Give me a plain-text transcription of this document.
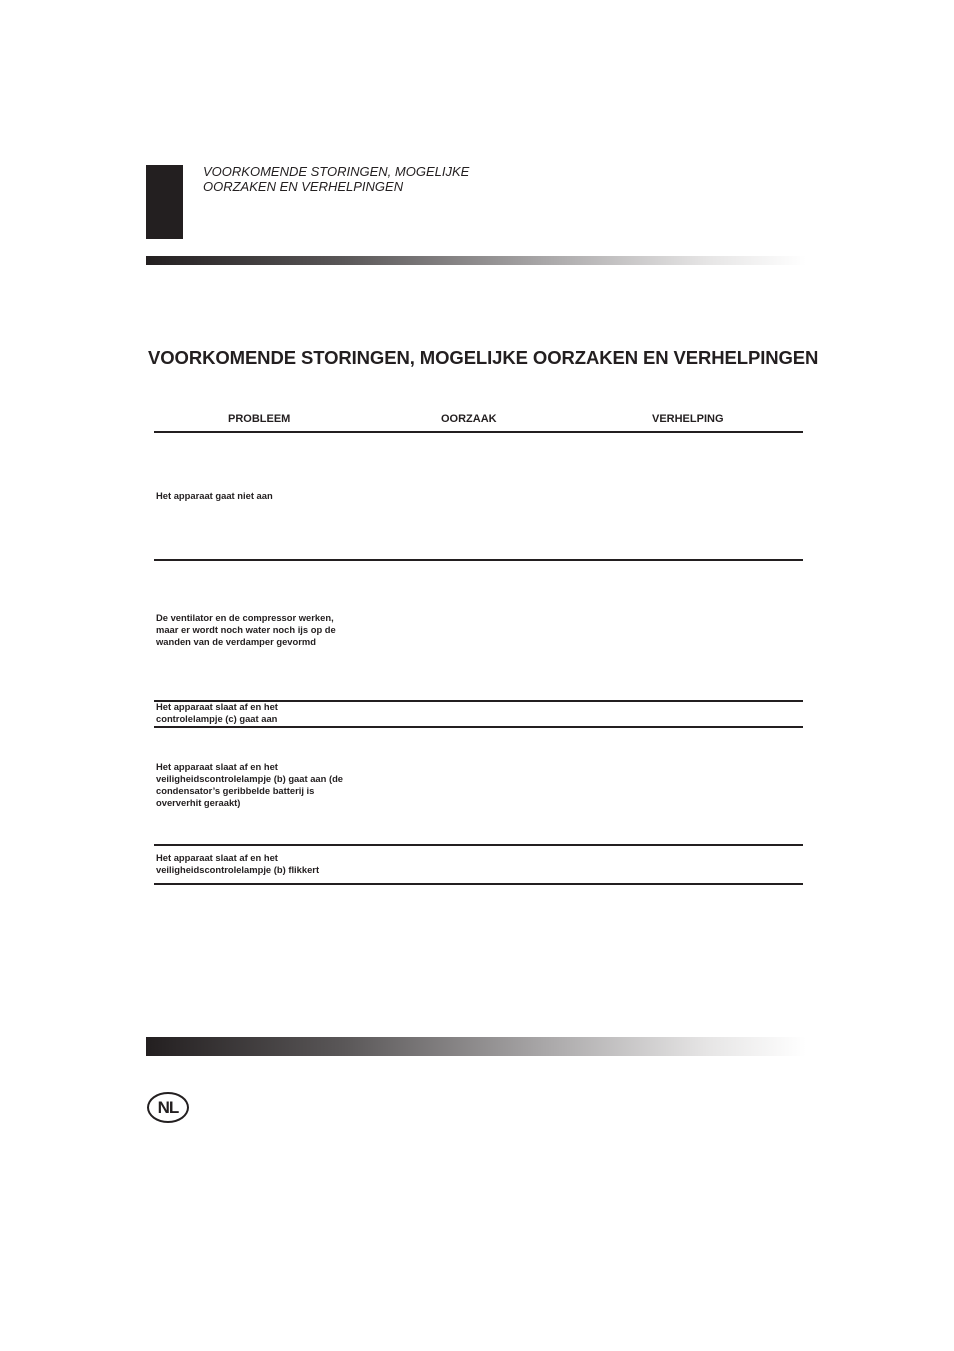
VOORKOMENDE STORINGEN, MOGELIJKE
OORZAKEN EN VERHELPINGEN
VOORKOMENDE STORINGEN, MOGELIJKE OORZAKEN EN VERHELPINGEN
PROBLEEM	OORZAAK	VERHELPING
Het apparaat gaat niet aan
De ventilator en de compressor werken,
maar er wordt noch water noch ijs op de
wanden van de verdamper gevormd
Het apparaat slaat af en het
controlelampje (c) gaat aan
Het apparaat slaat af en het
veiligheidscontrolelampje (b) gaat aan (de
condensator’s geribbelde batterij is
oververhit geraakt)
Het apparaat slaat af en het
veiligheidscontrolelampje (b) flikkert
NL
